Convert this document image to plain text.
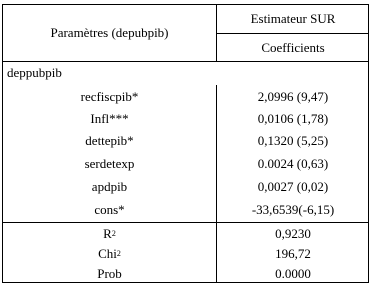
Paramètres (depubpib)
Estimateur SUR
Coefficients
deppubpib
recfiscpib*	2,0996 (9,47)
Infl***	0,0106 (1,78)
dettepib*	0,1320 (5,25)
serdetexp	0.0024 (0,63)
apdpib	0,0027 (0,02)
cons*	-33,6539(-6,15)
R 2	0,9230
Chi 2	196,72
Prob	0.0000
